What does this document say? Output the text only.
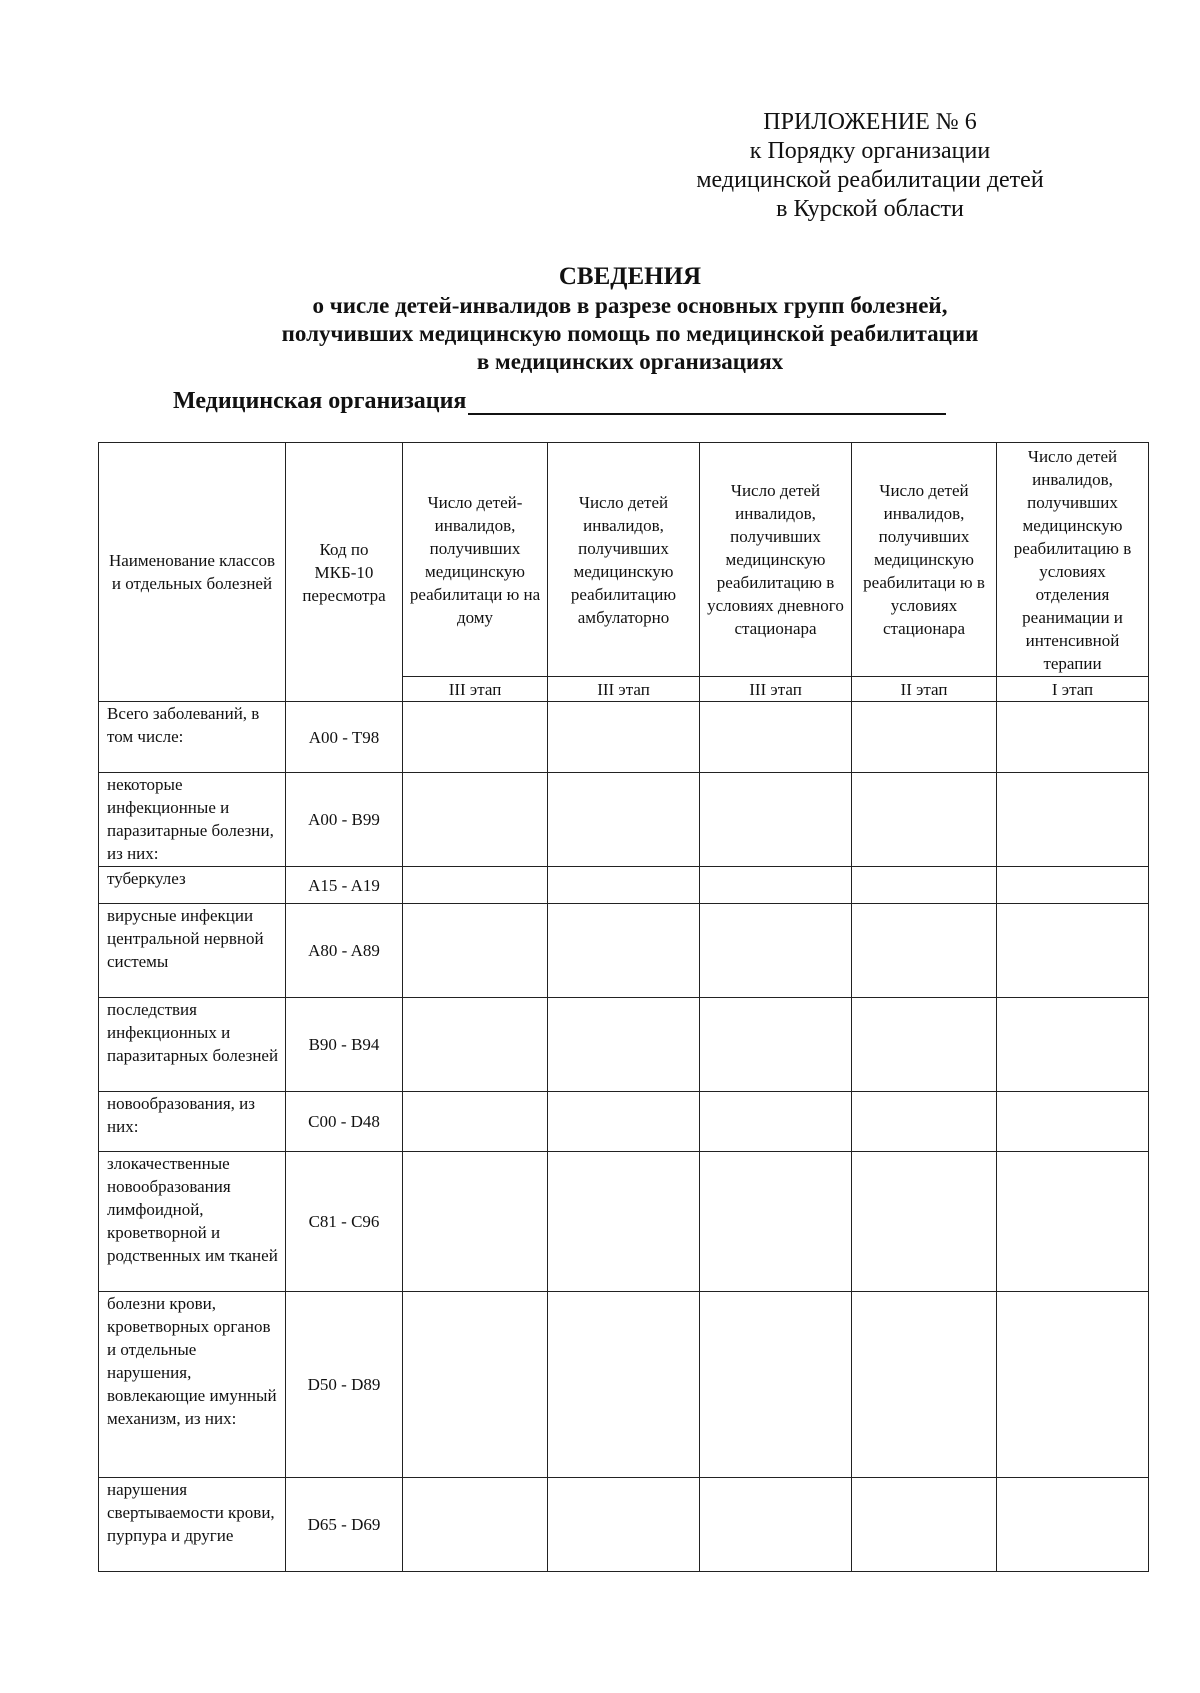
ПРИЛОЖЕНИЕ № 6
к Порядку организации
медицинской реабилитации детей
в Курской области
СВЕДЕНИЯ
о числе детей-инвалидов в разрезе основных групп болезней,
получивших медицинскую помощь по медицинской реабилитации
в медицинских организациях
Медицинская организация
Наименование классов и отдельных болезней	Код по МКБ-10 пересмотра	Число детей-инвалидов, получивших медицинскую реабилитаци ю на дому	Число детей инвалидов, получивших медицинскую реабилитацию амбулаторно	Число детей инвалидов, получивших медицинскую реабилитацию в условиях дневного стационара	Число детей инвалидов, получивших медицинскую реабилитаци ю в условиях стационара	Число детей инвалидов, получивших медицинскую реабилитацию в условиях отделения реанимации и интенсивной терапии
		III этап	III этап	III этап	II этап	I этап
Всего заболеваний, в том числе:	A00 - T98					
некоторые инфекционные и паразитарные болезни, из них:	A00 - B99					
туберкулез	A15 - A19					
вирусные инфекции центральной нервной системы	A80 - A89					
последствия инфекционных и паразитарных болезней	B90 - B94					
новообразования, из них:	C00 - D48					
злокачественные новообразования лимфоидной, кроветворной и родственных им тканей	C81 - C96					
болезни крови, кроветворных органов и отдельные нарушения, вовлекающие имунный механизм, из них:	D50 - D89					
нарушения свертываемости крови, пурпура и другие	D65 - D69					
